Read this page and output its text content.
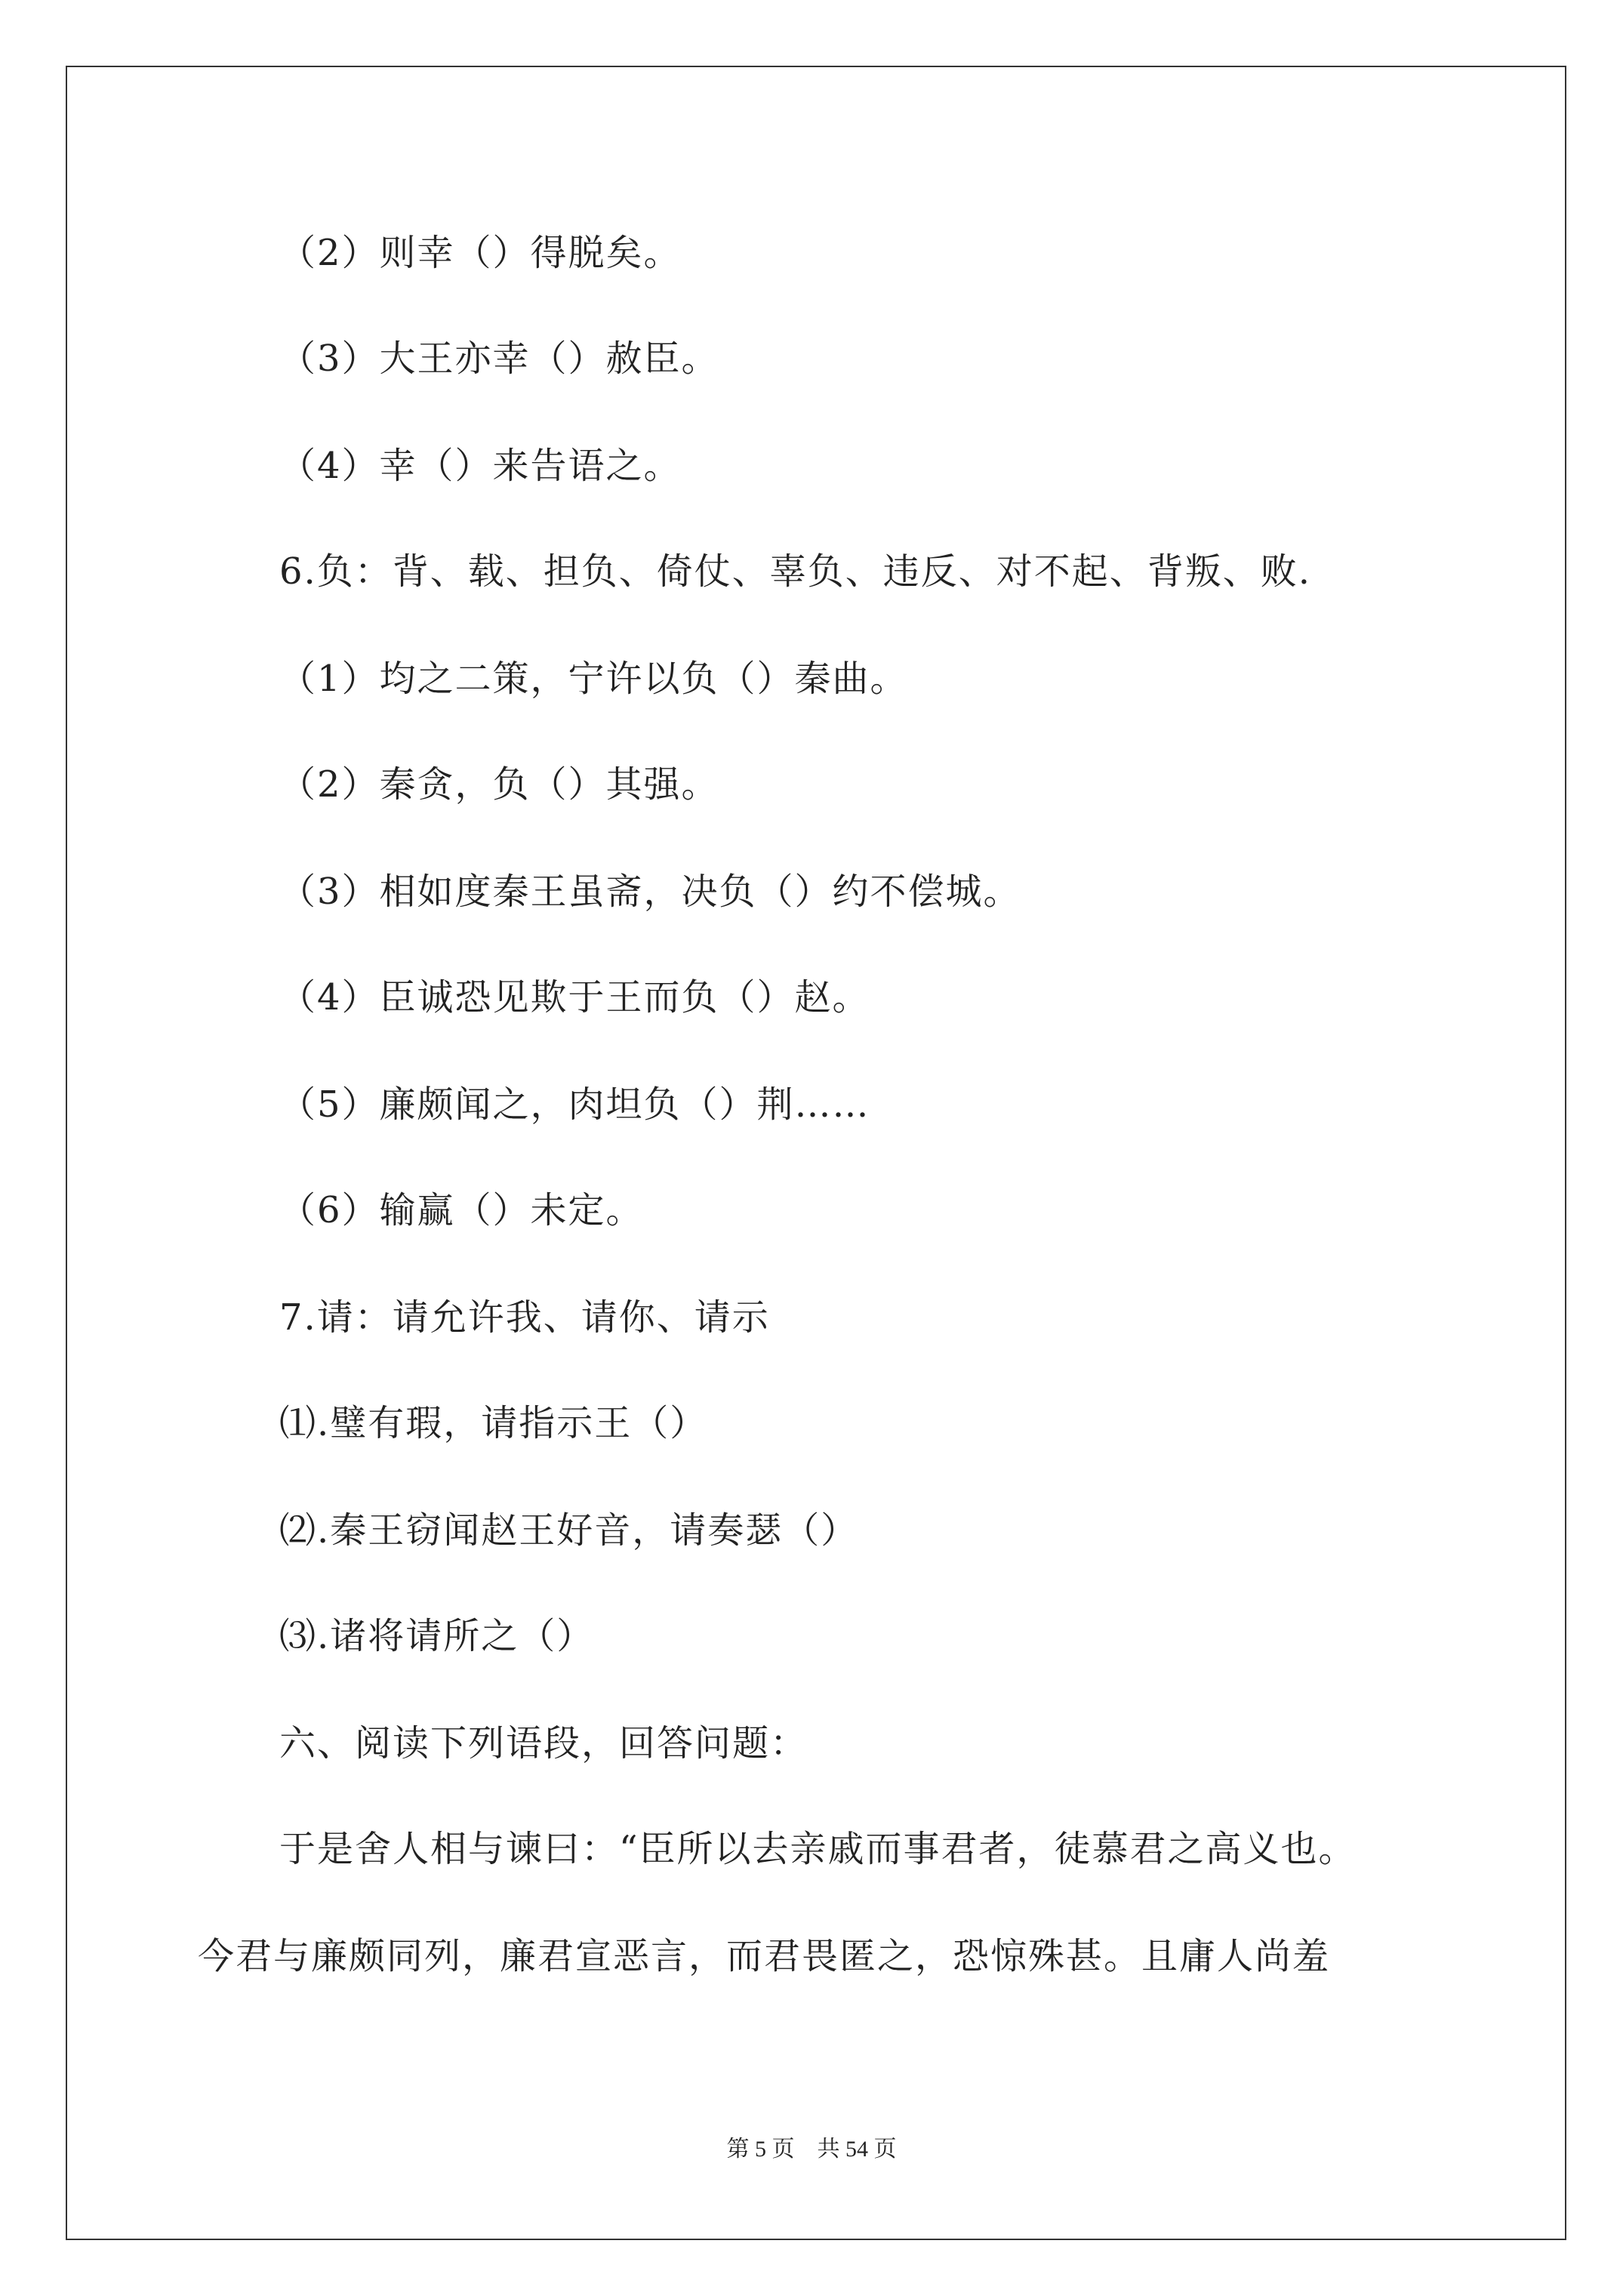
（2）则幸（）得脱矣。
（3）大王亦幸（）赦臣。
（4）幸（）来告语之。
6.负：背、载、担负、倚仗、辜负、违反、对不起、背叛、败.
（1）均之二策，宁许以负（）秦曲。
（2）秦贪，负（）其强。
（3）相如度秦王虽斋，决负（）约不偿城。
（4）臣诚恐见欺于王而负（）赵。
（5）廉颇闻之，肉坦负（）荆……
（6）输赢（）未定。
7.请：请允许我、请你、请示
⑴.璧有瑕，请指示王（）
⑵.秦王窃闻赵王好音，请奏瑟（）
⑶.诸将请所之（）
六、阅读下列语段，回答问题：
于是舍人相与谏曰：“臣所以去亲戚而事君者，徒慕君之高义也。
今君与廉颇同列，廉君宣恶言，而君畏匿之，恐惊殊甚。且庸人尚羞
第 5 页    共 54 页
